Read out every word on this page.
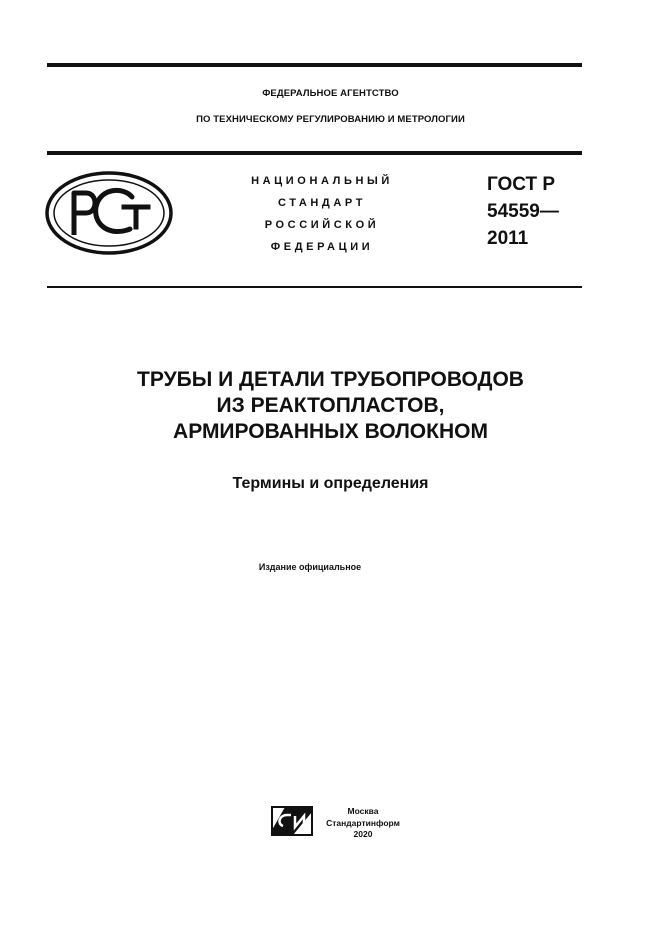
ФЕДЕРАЛЬНОЕ АГЕНТСТВО
ПО ТЕХНИЧЕСКОМУ РЕГУЛИРОВАНИЮ И МЕТРОЛОГИИ
НАЦИОНАЛЬНЫЙ
СТАНДАРТ
РОССИЙСКОЙ
ФЕДЕРАЦИИ
ГОСТ Р
54559—
2011
ТРУБЫ И ДЕТАЛИ ТРУБОПРОВОДОВ
ИЗ РЕАКТОПЛАСТОВ,
АРМИРОВАННЫХ ВОЛОКНОМ
Термины и определения
Издание официальное
Москва
Стандартинформ
2020
